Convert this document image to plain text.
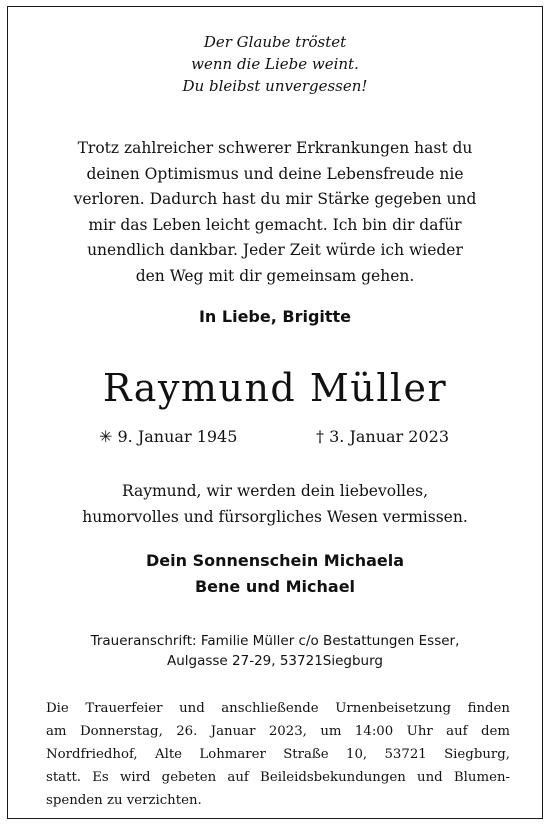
Der Glaube tröstet
wenn die Liebe weint.
Du bleibst unvergessen!
Trotz zahlreicher schwerer Erkrankungen hast du
deinen Optimismus und deine Lebensfreude nie
verloren. Dadurch hast du mir Stärke gegeben und
mir das Leben leicht gemacht. Ich bin dir dafür
unendlich dankbar. Jeder Zeit würde ich wieder
den Weg mit dir gemeinsam gehen.
In Liebe, Brigitte
Raymund Müller
✳ 9. Januar 1945	† 3. Januar 2023
Raymund, wir werden dein liebevolles,
humorvolles und fürsorgliches Wesen vermissen.
Dein Sonnenschein Michaela
Bene und Michael
Traueranschrift: Familie Müller c/o Bestattungen Esser,
Aulgasse 27-29, 53721Siegburg
Die Trauerfeier und anschließende Urnenbeisetzung finden
am Donnerstag, 26. Januar 2023, um 14:00 Uhr auf dem
Nordfriedhof, Alte Lohmarer Straße 10, 53721 Siegburg,
statt. Es wird gebeten auf Beileidsbekundungen und Blumen-
spenden zu verzichten.
